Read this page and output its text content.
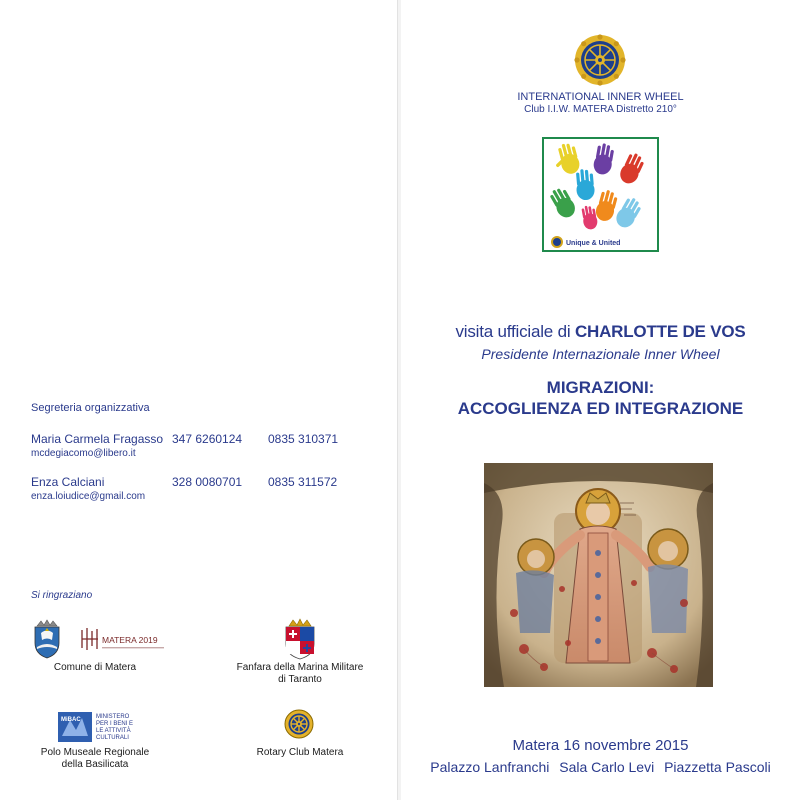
Segreteria organizzativa
Maria Carmela Fragasso 347 6260124	0835 310371
mcdegiacomo@libero.it
Enza Calciani	328 0080701	0835 311572
enza.loiudice@gmail.com
Si ringraziano
MATERA 2019
Comune di Matera	Fanfara della Marina Militare
di Taranto
MiBAC	MINISTERO
PER I BENI E
LE ATTIVITÀ
CULTURALI
Polo Museale Regionale
della Basilicata
Rotary Club Matera
INTERNATIONAL INNER WHEEL
Club I.I.W. MATERA Distretto 210°
Unique & United
visita ufficiale di CHARLOTTE DE VOS
Presidente Internazionale Inner Wheel
MIGRAZIONI:
ACCOGLIENZA ED INTEGRAZIONE
Matera 16 novembre 2015
Palazzo Lanfranchi Sala Carlo Levi Piazzetta Pascoli
